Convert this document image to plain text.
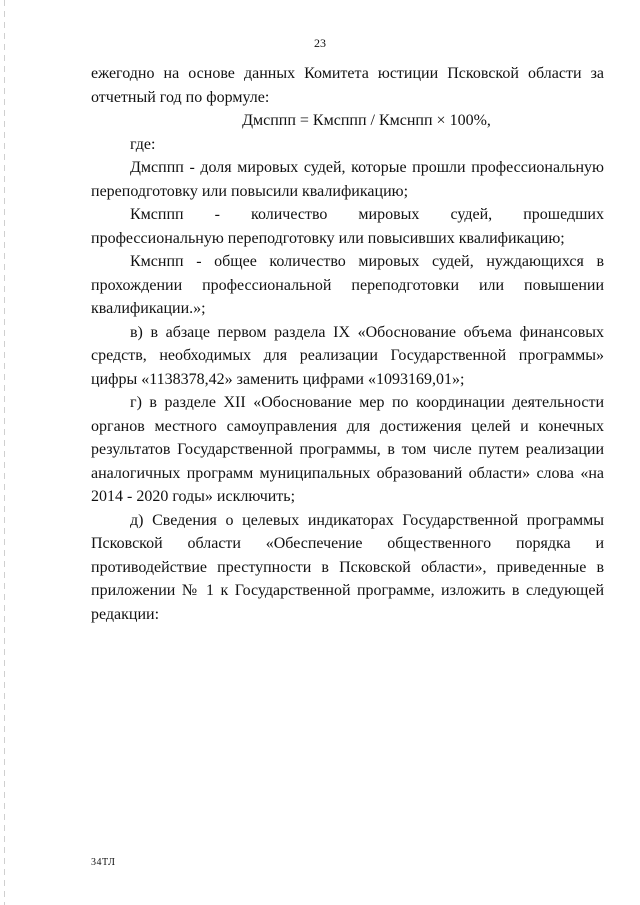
23

ежегодно на основе данных Комитета юстиции Псковской области за отчетный год по формуле:

Дмсппп = Кмсппп / Кмснпп × 100%,

где:

Дмсппп - доля мировых судей, которые прошли профессиональную переподготовку или повысили квалификацию;

Кмсппп - количество мировых судей, прошедших профессиональную переподготовку или повысивших квалификацию;

Кмснпп - общее количество мировых судей, нуждающихся в прохождении профессиональной переподготовки или повышении квалификации.»;

в) в абзаце первом раздела IX «Обоснование объема финансовых средств, необходимых для реализации Государственной программы» цифры «1138378,42» заменить цифрами «1093169,01»;

г) в разделе XII «Обоснование мер по координации деятельности органов местного самоуправления для достижения целей и конечных результатов Государственной программы, в том числе путем реализации аналогичных программ муниципальных образований области» слова «на 2014 - 2020 годы» исключить;

д) Сведения о целевых индикаторах Государственной программы Псковской области «Обеспечение общественного порядка и противодействие преступности в Псковской области», приведенные в приложении № 1 к Государственной программе, изложить в следующей редакции:

34ТЛ
